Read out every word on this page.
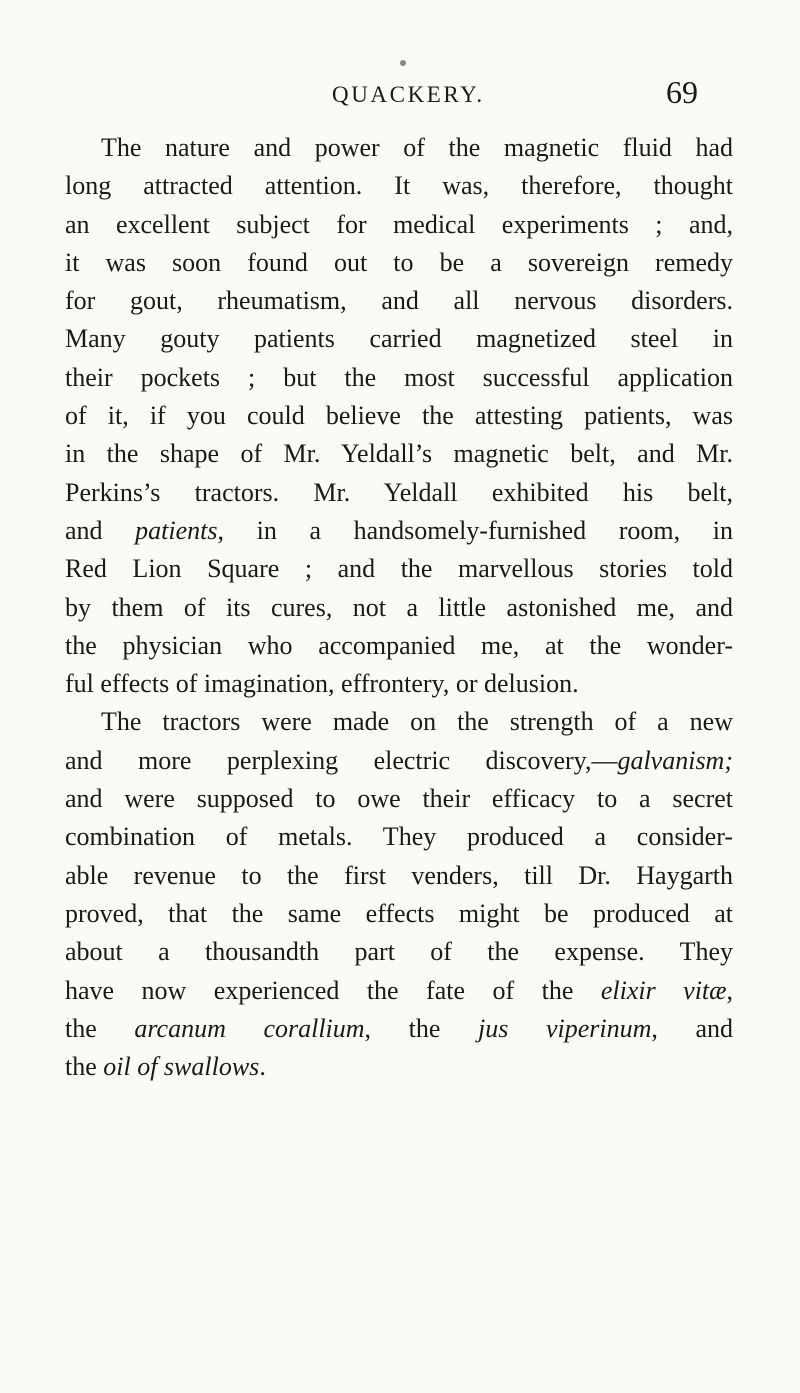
QUACKERY.	69
The nature and power of the magnetic fluid had
long attracted attention. It was, therefore, thought
an excellent subject for medical experiments ; and,
it was soon found out to be a sovereign remedy
for gout, rheumatism, and all nervous disorders.
Many gouty patients carried magnetized steel in
their pockets ; but the most successful application
of it, if you could believe the attesting patients, was
in the shape of Mr. Yeldall’s magnetic belt, and Mr.
Perkins’s tractors. Mr. Yeldall exhibited his belt,
and patients, in a handsomely-furnished room, in
Red Lion Square ; and the marvellous stories told
by them of its cures, not a little astonished me, and
the physician who accompanied me, at the wonder-
ful effects of imagination, effrontery, or delusion.
The tractors were made on the strength of a new
and more perplexing electric discovery,—galvanism;
and were supposed to owe their efficacy to a secret
combination of metals. They produced a consider-
able revenue to the first venders, till Dr. Haygarth
proved, that the same effects might be produced at
about a thousandth part of the expense. They
have now experienced the fate of the elixir vitæ,
the arcanum corallium, the jus viperinum, and
the oil of swallows.
